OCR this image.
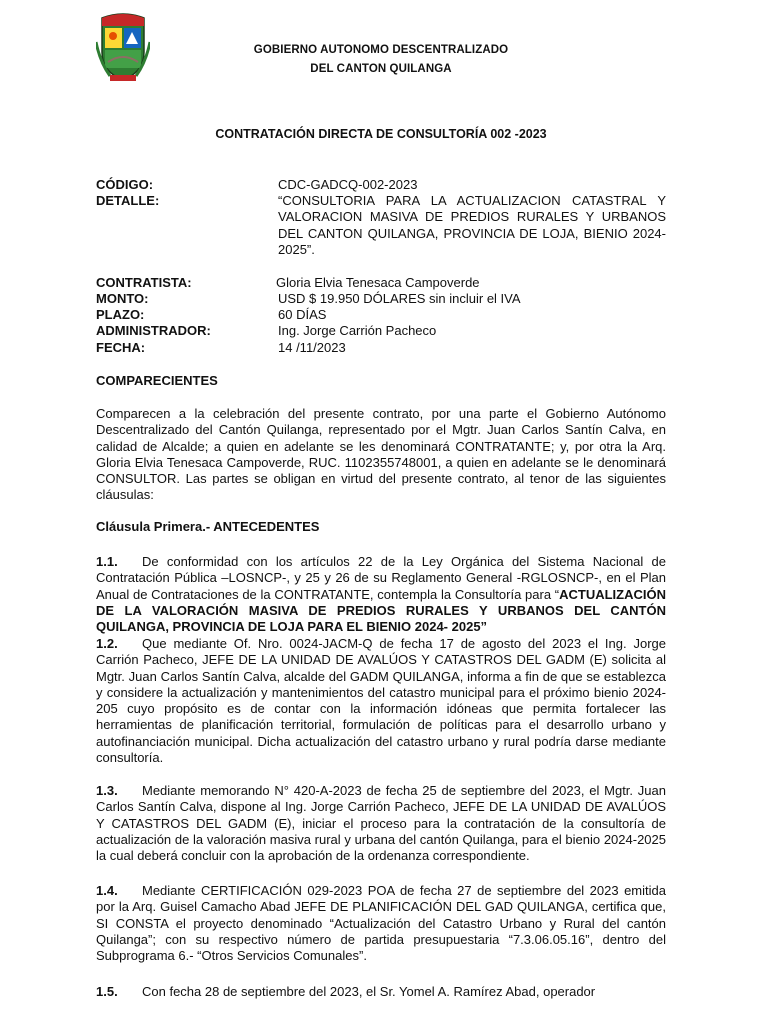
GOBIERNO AUTONOMO DESCENTRALIZADO
DEL CANTON QUILANGA
CONTRATACIÓN DIRECTA DE CONSULTORÍA 002 -2023
CÓDIGO:	CDC-GADCQ-002-2023
DETALLE:	“CONSULTORIA PARA LA ACTUALIZACION CATASTRAL Y VALORACION MASIVA DE PREDIOS RURALES Y URBANOS DEL CANTON QUILANGA, PROVINCIA DE LOJA, BIENIO 2024-2025”.
CONTRATISTA:	Gloria Elvia Tenesaca Campoverde
MONTO:	USD $ 19.950 DÓLARES sin incluir el IVA
PLAZO:	60 DÍAS
ADMINISTRADOR:	Ing. Jorge Carrión Pacheco
FECHA:	14 /11/2023
COMPARECIENTES
Comparecen a la celebración del presente contrato, por una parte el Gobierno Autónomo Descentralizado del Cantón Quilanga, representado por el Mgtr. Juan Carlos Santín Calva, en calidad de Alcalde; a quien en adelante se les denominará CONTRATANTE; y, por otra la Arq. Gloria Elvia Tenesaca Campoverde, RUC. 1102355748001, a quien en adelante se le denominará CONSULTOR. Las partes se obligan en virtud del presente contrato, al tenor de las siguientes cláusulas:
Cláusula Primera.- ANTECEDENTES
1.1. De conformidad con los artículos 22 de la Ley Orgánica del Sistema Nacional de Contratación Pública –LOSNCP-, y 25 y 26 de su Reglamento General -RGLOSNCP-, en el Plan Anual de Contrataciones de la CONTRATANTE, contempla la Consultoría para “ACTUALIZACIÓN DE LA VALORACIÓN MASIVA DE PREDIOS RURALES Y URBANOS DEL CANTÓN QUILANGA, PROVINCIA DE LOJA PARA EL BIENIO 2024- 2025”
1.2. Que mediante Of. Nro. 0024-JACM-Q de fecha 17 de agosto del 2023 el Ing. Jorge Carrión Pacheco, JEFE DE LA UNIDAD DE AVALÚOS Y CATASTROS DEL GADM (E) solicita al Mgtr. Juan Carlos Santín Calva, alcalde del GADM QUILANGA, informa a fin de que se establezca y considere la actualización y mantenimientos del catastro municipal para el próximo bienio 2024-205 cuyo propósito es de contar con la información idóneas que permita fortalecer las herramientas de planificación territorial, formulación de políticas para el desarrollo urbano y autofinanciación municipal. Dicha actualización del catastro urbano y rural podría darse mediante consultoría.
1.3. Mediante memorando N° 420-A-2023 de fecha 25 de septiembre del 2023, el Mgtr. Juan Carlos Santín Calva, dispone al Ing. Jorge Carrión Pacheco, JEFE DE LA UNIDAD DE AVALÚOS Y CATASTROS DEL GADM (E), iniciar el proceso para la contratación de la consultoría de actualización de la valoración masiva rural y urbana del cantón Quilanga, para el bienio 2024-2025 la cual deberá concluir con la aprobación de la ordenanza correspondiente.
1.4. Mediante CERTIFICACIÓN 029-2023 POA de fecha 27 de septiembre del 2023 emitida por la Arq. Guisel Camacho Abad JEFE DE PLANIFICACIÓN DEL GAD QUILANGA, certifica que, SI CONSTA el proyecto denominado “Actualización del Catastro Urbano y Rural del cantón Quilanga”; con su respectivo número de partida presupuestaria “7.3.06.05.16”, dentro del Subprograma 6.- “Otros Servicios Comunales”.
1.5. Con fecha 28 de septiembre del 2023, el Sr. Yomel A. Ramírez Abad, operador
